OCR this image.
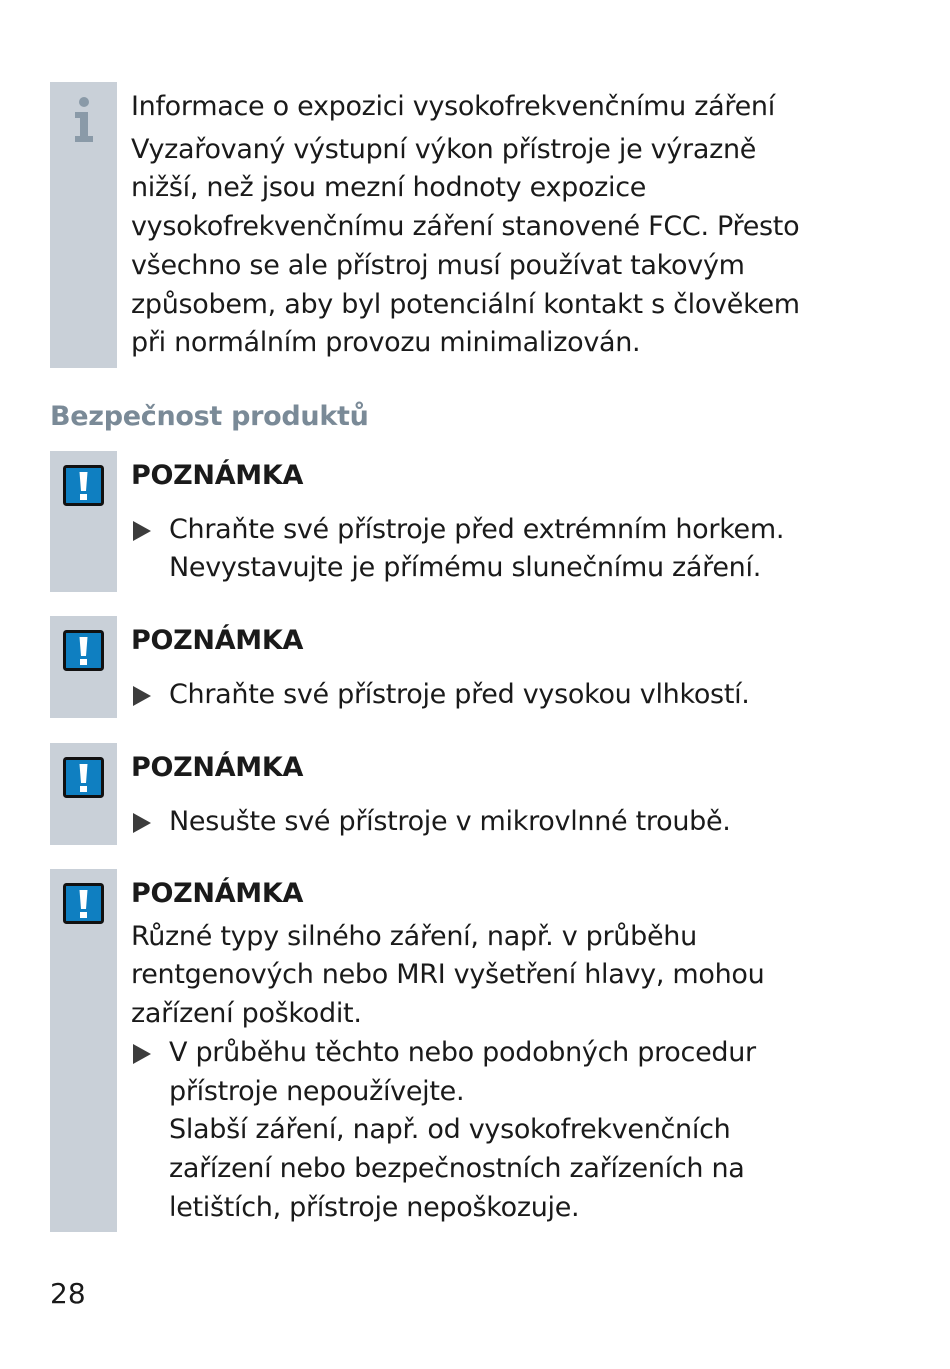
Informace o expozici vysokofrekvenčnímu záření
Vyzařovaný výstupní výkon přístroje je výrazně
nižší, než jsou mezní hodnoty expozice
vysokofrekvenčnímu záření stanovené FCC. Přesto
všechno se ale přístroj musí používat takovým
způsobem, aby byl potenciální kontakt s člověkem
při normálním provozu minimalizován.
Bezpečnost produktů
POZNÁMKA
Chraňte své přístroje před extrémním horkem.
Nevystavujte je přímému slunečnímu záření.
POZNÁMKA
Chraňte své přístroje před vysokou vlhkostí.
POZNÁMKA
Nesušte své přístroje v mikrovlnné troubě.
POZNÁMKA
Různé typy silného záření, např. v průběhu
rentgenových nebo MRI vyšetření hlavy, mohou
zařízení poškodit.
V průběhu těchto nebo podobných procedur
přístroje nepoužívejte.
Slabší záření, např. od vysokofrekvenčních
zařízení nebo bezpečnostních zařízeních na
letištích, přístroje nepoškozuje.
28
